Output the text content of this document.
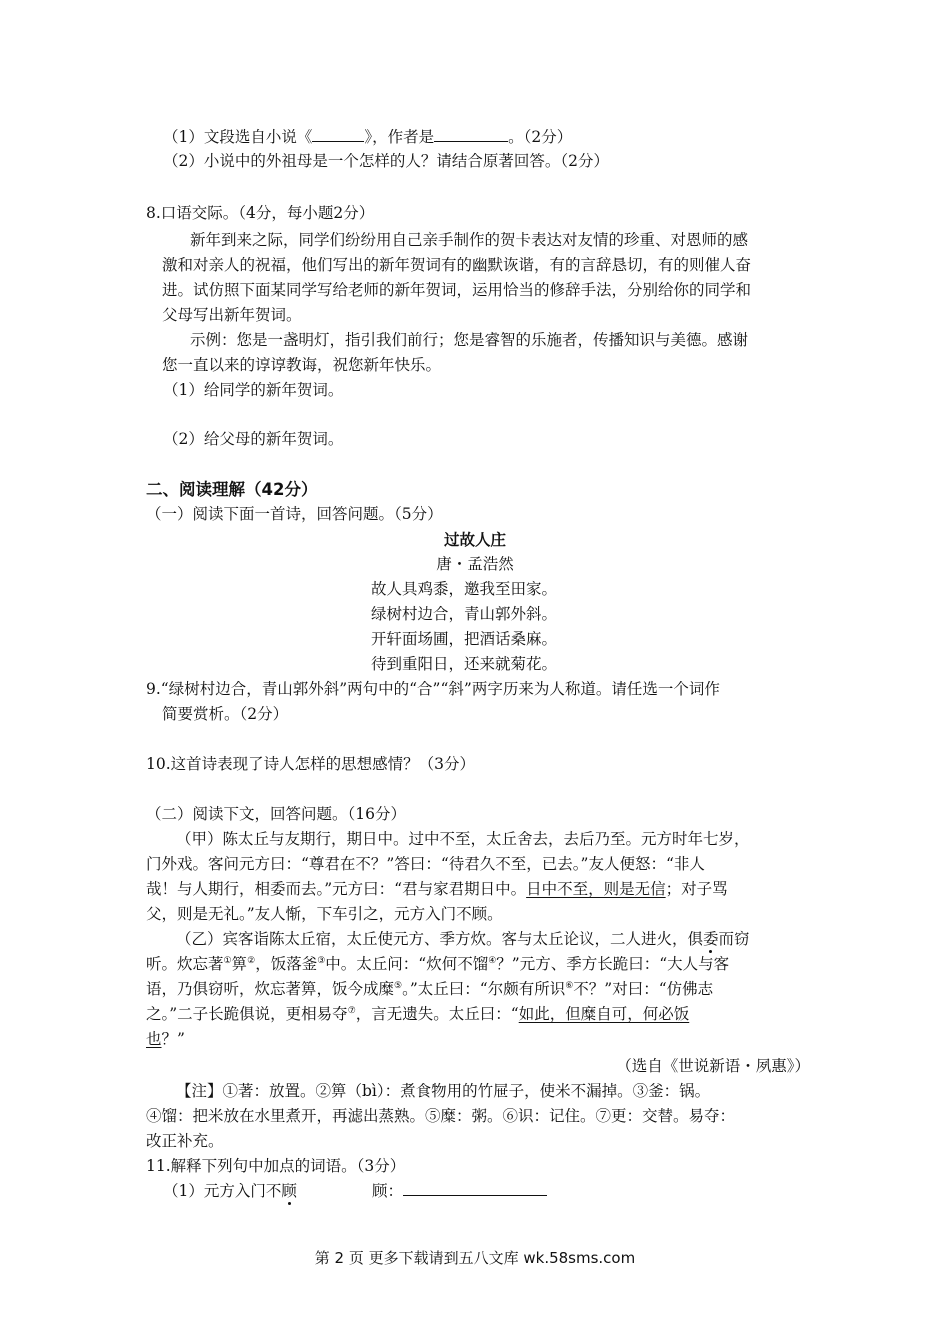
（1）文段选自小说《	》，作者是	。（2分）
（2）小说中的外祖母是一个怎样的人？请结合原著回答。（2分）
8.口语交际。（4分，每小题2分）
新年到来之际，同学们纷纷用自己亲手制作的贺卡表达对友情的珍重、对恩师的感
激和对亲人的祝福，他们写出的新年贺词有的幽默诙谐，有的言辞恳切，有的则催人奋
进。试仿照下面某同学写给老师的新年贺词，运用恰当的修辞手法，分别给你的同学和
父母写出新年贺词。
示例：您是一盏明灯，指引我们前行；您是睿智的乐施者，传播知识与美德。感谢
您一直以来的谆谆教诲，祝您新年快乐。
（1）给同学的新年贺词。
（2）给父母的新年贺词。
二、阅读理解（42分）
（一）阅读下面一首诗，回答问题。（5分）
过故人庄
唐・孟浩然
故人具鸡黍，邀我至田家。
绿树村边合，青山郭外斜。
开轩面场圃，把酒话桑麻。
待到重阳日，还来就菊花。
9.“绿树村边合，青山郭外斜”两句中的“合”“斜”两字历来为人称道。请任选一个词作
简要赏析。（2分）
10.这首诗表现了诗人怎样的思想感情？（3分）
（二）阅读下文，回答问题。（16分）
（甲）陈太丘与友期行，期日中。过中不至，太丘舍去，去后乃至。元方时年七岁，
门外戏。客问元方曰：“尊君在不？”答曰：“待君久不至，已去。”友人便怒：“非人
哉！与人期行，相委而去。”元方曰：“君与家君期日中。日中不至，则是无信；对子骂
父，则是无礼。”友人惭，下车引之，元方入门不顾。
（乙）宾客诣陈太丘宿，太丘使元方、季方炊。客与太丘论议，二人进火，俱委而窃
听。炊忘著①箅②，饭落釜③中。太丘问：“炊何不馏④？”元方、季方长跪曰：“大人与客
语，乃俱窃听，炊忘著箅，饭今成糜⑤。”太丘曰：“尔颇有所识⑥不？”对曰：“仿佛志
之。”二子长跪俱说，更相易夺⑦，言无遗失。太丘曰：“如此，但糜自可，何必饭
也？”
（选自《世说新语・夙惠》）
【注】①著：放置。②箅（bì）：煮食物用的竹屉子，使米不漏掉。③釜：锅。
④馏：把米放在水里煮开，再滤出蒸熟。⑤糜：粥。⑥识：记住。⑦更：交替。易夺：
改正补充。
11.解释下列句中加点的词语。（3分）
（1）元方入门不顾	顾：
第 2 页 更多下载请到五八文库 wk.58sms.com
